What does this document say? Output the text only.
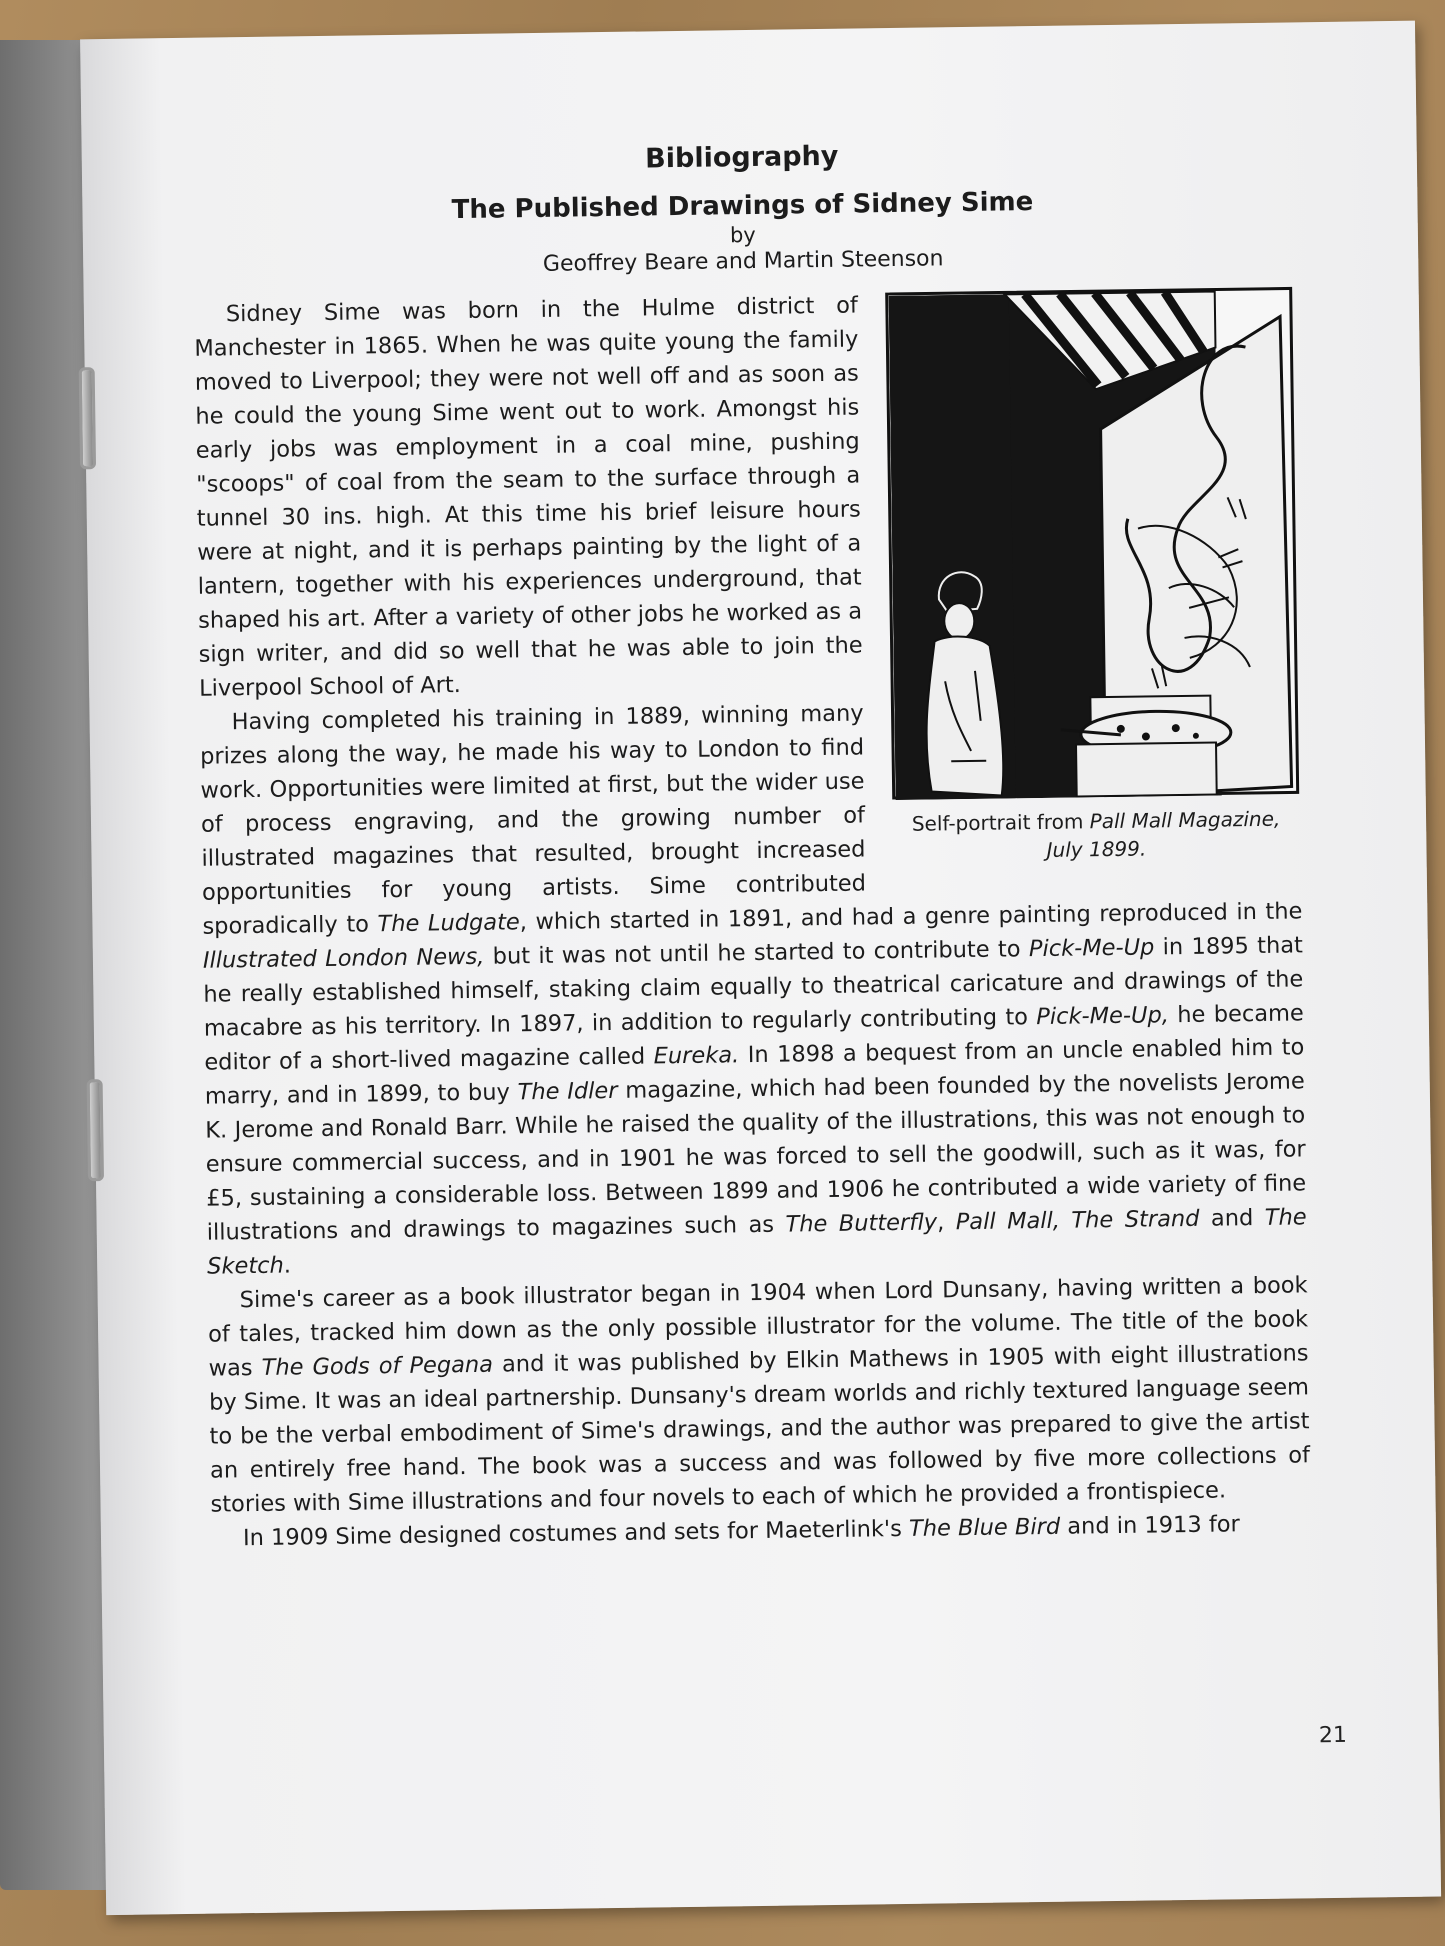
Bibliography
The Published Drawings of Sidney Sime
by
Geoffrey Beare and Martin Steenson
Self-portrait from Pall Mall Magazine, July 1899.

Sidney Sime was born in the Hulme district of Manchester in 1865. When he was quite young the family moved to Liverpool; they were not well off and as soon as he could the young Sime went out to work. Amongst his early jobs was employment in a coal mine, pushing "scoops" of coal from the seam to the surface through a tunnel 30 ins. high. At this time his brief leisure hours were at night, and it is perhaps painting by the light of a lantern, together with his experiences underground, that shaped his art. After a variety of other jobs he worked as a sign writer, and did so well that he was able to join the Liverpool School of Art.

Having completed his training in 1889, winning many prizes along the way, he made his way to London to find work. Opportunities were limited at first, but the wider use of process engraving, and the growing number of illustrated magazines that resulted, brought increased opportunities for young artists. Sime contributed sporadically to The Ludgate, which started in 1891, and had a genre painting reproduced in the Illustrated London News, but it was not until he started to contribute to Pick-Me-Up in 1895 that he really established himself, staking claim equally to theatrical caricature and drawings of the macabre as his territory. In 1897, in addition to regularly contributing to Pick-Me-Up, he became editor of a short-lived magazine called Eureka. In 1898 a bequest from an uncle enabled him to marry, and in 1899, to buy The Idler magazine, which had been founded by the novelists Jerome K. Jerome and Ronald Barr. While he raised the quality of the illustrations, this was not enough to ensure commercial success, and in 1901 he was forced to sell the goodwill, such as it was, for £5, sustaining a considerable loss. Between 1899 and 1906 he contributed a wide variety of fine illustrations and drawings to magazines such as The Butterfly, Pall Mall, The Strand and The Sketch.

Sime's career as a book illustrator began in 1904 when Lord Dunsany, having written a book of tales, tracked him down as the only possible illustrator for the volume. The title of the book was The Gods of Pegana and it was published by Elkin Mathews in 1905 with eight illustrations by Sime. It was an ideal partnership. Dunsany's dream worlds and richly textured language seem to be the verbal embodiment of Sime's drawings, and the author was prepared to give the artist an entirely free hand. The book was a success and was followed by five more collections of stories with Sime illustrations and four novels to each of which he provided a frontispiece.

In 1909 Sime designed costumes and sets for Maeterlink's The Blue Bird and in 1913 for

21
